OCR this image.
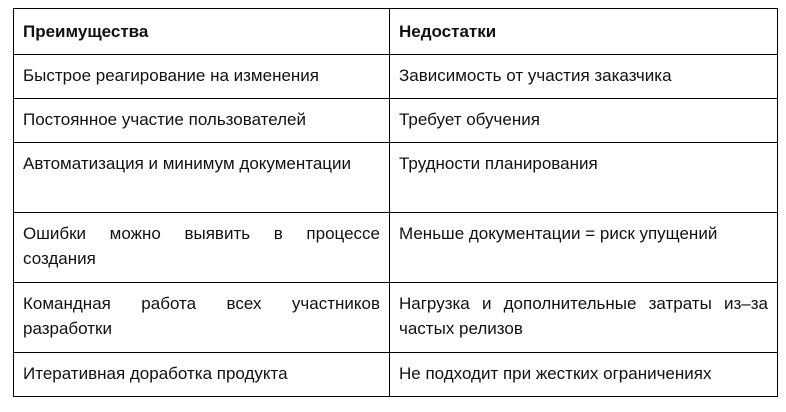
Преимущества	Недостатки
Быстрое реагирование на изменения	Зависимость от участия заказчика
Постоянное участие пользователей	Требует обучения
Автоматизация и минимум документации	Трудности планирования
Ошибки можно выявить в процессе создания	Меньше документации = риск упущений
Командная работа всех участников разработки	Нагрузка и дополнительные затраты из–за частых релизов
Итеративная доработка продукта	Не подходит при жестких ограничениях
